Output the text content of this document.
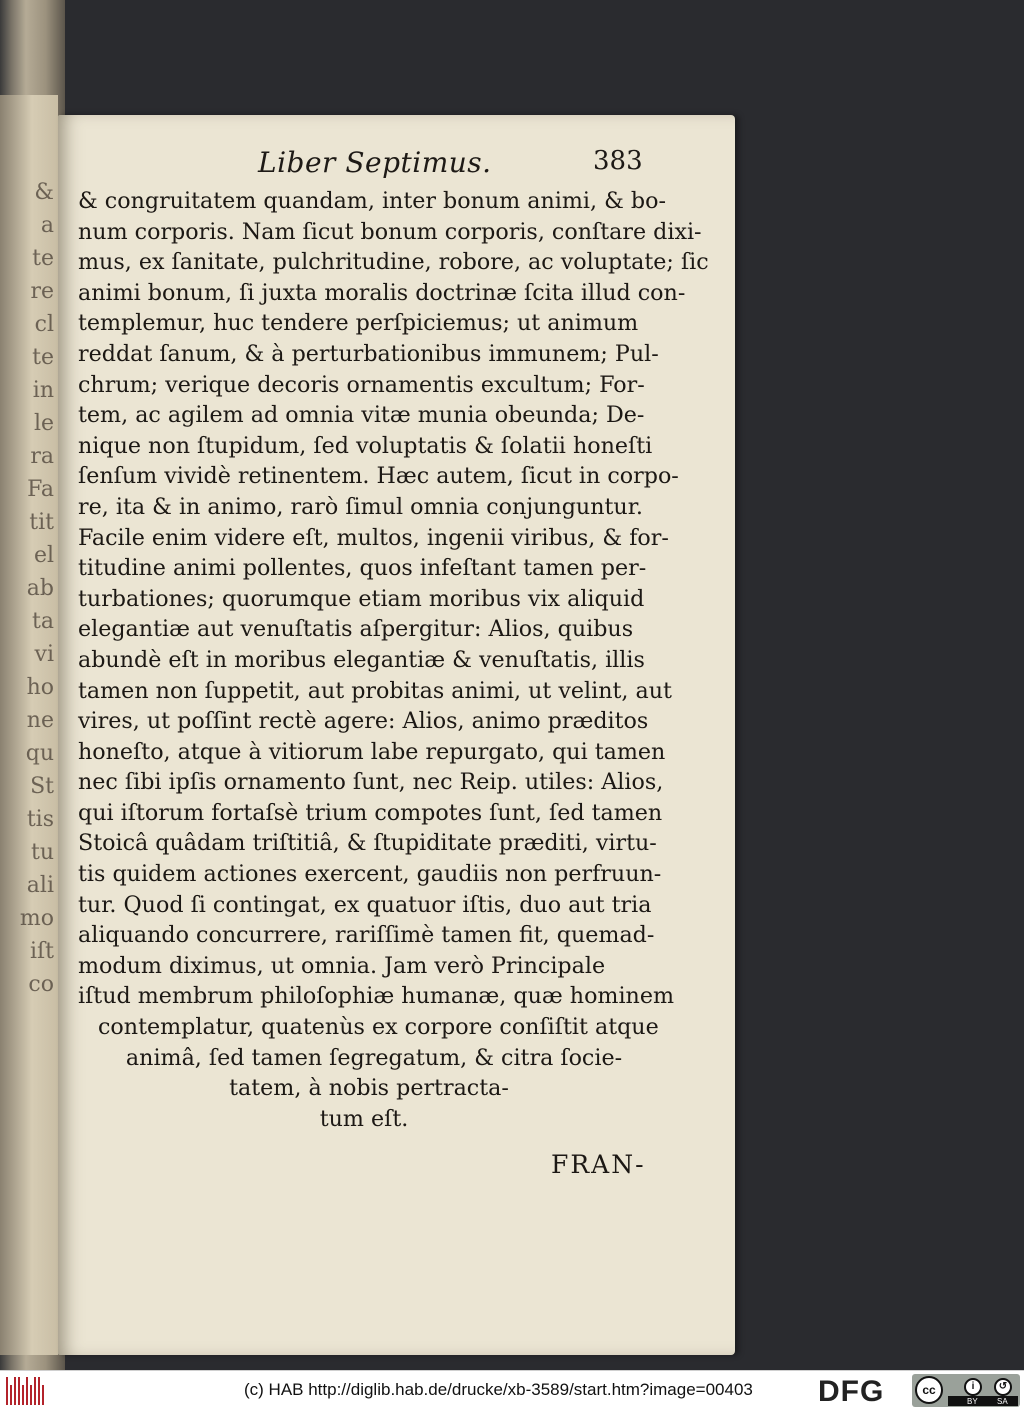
&
a
te
re
cl
te
in
le
ra
Fa
tit
el
ab
ta
vi
ho
ne
qu
St
tis
tu
ali
mo
iſt
co
Liber Septimus.	383
& congruitatem quandam, inter bonum animi, & bo-
num corporis. Nam ſicut bonum corporis, conſtare dixi-
mus, ex ſanitate, pulchritudine, robore, ac voluptate; ſic
animi bonum, ſi juxta moralis doctrinæ ſcita illud con-
templemur, huc tendere perſpiciemus; ut animum
reddat ſanum, & à perturbationibus immunem; Pul-
chrum; verique decoris ornamentis excultum; For-
tem, ac agilem ad omnia vitæ munia obeunda; De-
nique non ſtupidum, ſed voluptatis & ſolatii honeſti
ſenſum vividè retinentem. Hæc autem, ſicut in corpo-
re, ita & in animo, rarò ſimul omnia conjunguntur.
Facile enim videre eſt, multos, ingenii viribus, & for-
titudine animi pollentes, quos infeſtant tamen per-
turbationes; quorumque etiam moribus vix aliquid
elegantiæ aut venuſtatis aſpergitur: Alios, quibus
abundè eſt in moribus elegantiæ & venuſtatis, illis
tamen non ſuppetit, aut probitas animi, ut velint, aut
vires, ut poſſint rectè agere: Alios, animo præditos
honeſto, atque à vitiorum labe repurgato, qui tamen
nec ſibi ipſis ornamento ſunt, nec Reip. utiles: Alios,
qui iſtorum fortaſsè trium compotes ſunt, ſed tamen
Stoicâ quâdam triſtitiâ, & ſtupiditate præditi, virtu-
tis quidem actiones exercent, gaudiis non perfruun-
tur. Quod ſi contingat, ex quatuor iſtis, duo aut tria
aliquando concurrere, rariſſimè tamen fit, quemad-
modum diximus, ut omnia. Jam verò Principale
iſtud membrum philoſophiæ humanæ, quæ hominem
contemplatur, quatenùs ex corpore conſiſtit atque
animâ, ſed tamen ſegregatum, & citra ſocie-
tatem, à nobis pertracta-
tum eſt.
FRAN-
(c) HAB http://diglib.hab.de/drucke/xb-3589/start.htm?image=00403 DFG	cc	i	↺
BY SA
